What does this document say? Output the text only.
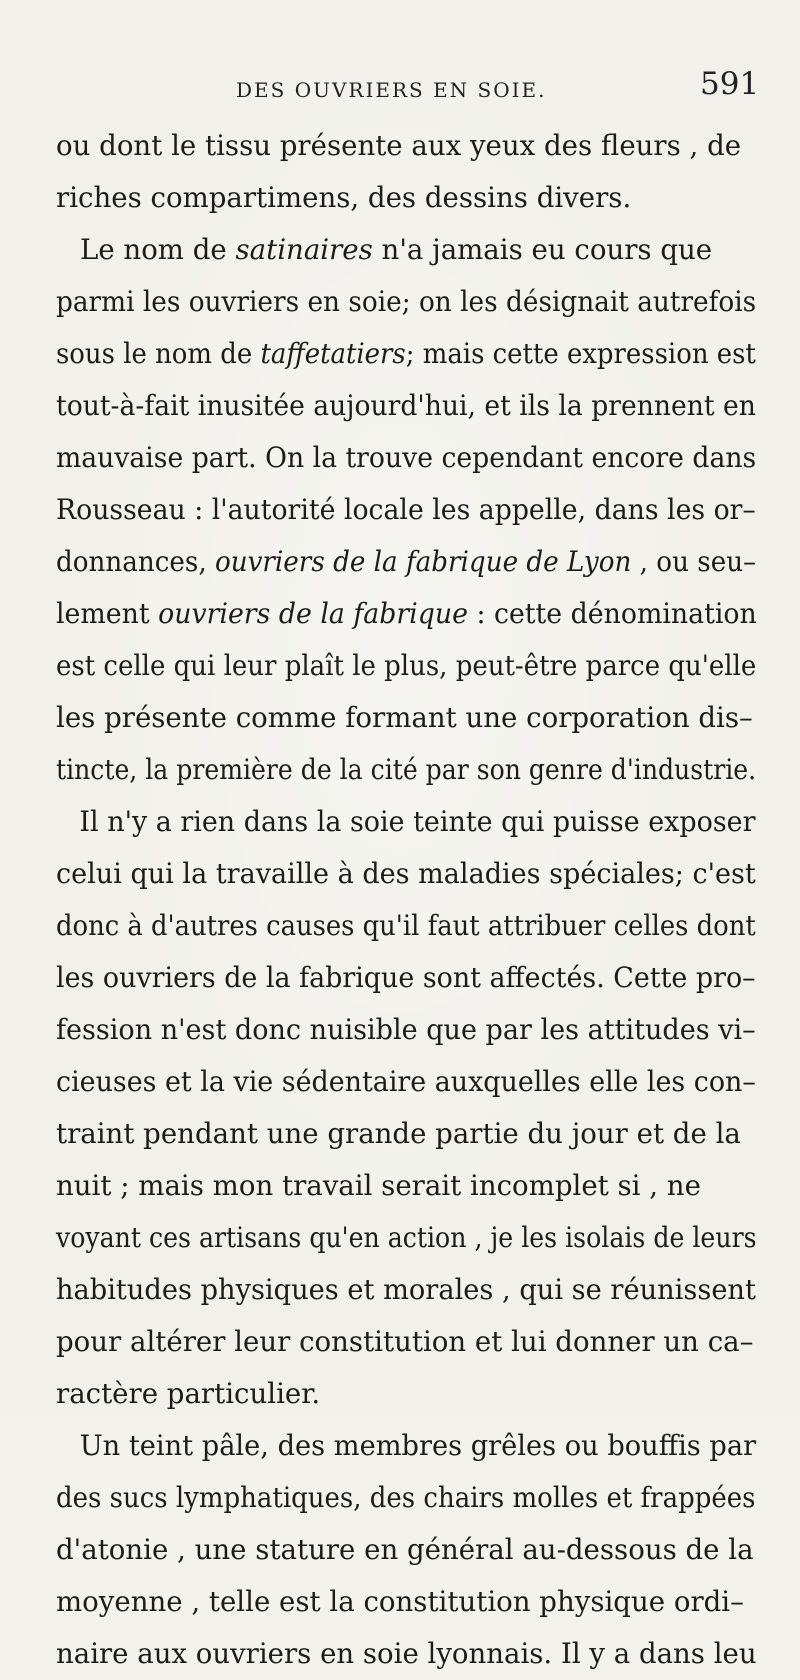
DES OUVRIERS EN SOIE.	591
ou dont le tissu présente aux yeux des fleurs , de
riches compartimens, des dessins divers.
Le nom de satinaires n'a jamais eu cours que
parmi les ouvriers en soie; on les désignait autrefois
sous le nom de taffetatiers; mais cette expression est
tout-à-fait inusitée aujourd'hui, et ils la prennent en
mauvaise part. On la trouve cependant encore dans
Rousseau : l'autorité locale les appelle, dans les or–
donnances, ouvriers de la fabrique de Lyon , ou seu–
lement ouvriers de la fabrique : cette dénomination
est celle qui leur plaît le plus, peut-être parce qu'elle
les présente comme formant une corporation dis–
tincte, la première de la cité par son genre d'industrie.
Il n'y a rien dans la soie teinte qui puisse exposer
celui qui la travaille à des maladies spéciales; c'est
donc à d'autres causes qu'il faut attribuer celles dont
les ouvriers de la fabrique sont affectés. Cette pro–
fession n'est donc nuisible que par les attitudes vi–
cieuses et la vie sédentaire auxquelles elle les con–
traint pendant une grande partie du jour et de la
nuit ; mais mon travail serait incomplet si , ne
voyant ces artisans qu'en action , je les isolais de leurs
habitudes physiques et morales , qui se réunissent
pour altérer leur constitution et lui donner un ca–
ractère particulier.
Un teint pâle, des membres grêles ou bouffis par
des sucs lymphatiques, des chairs molles et frappées
d'atonie , une stature en général au-dessous de la
moyenne , telle est la constitution physique ordi–
naire aux ouvriers en soie lyonnais. Il y a dans leu
